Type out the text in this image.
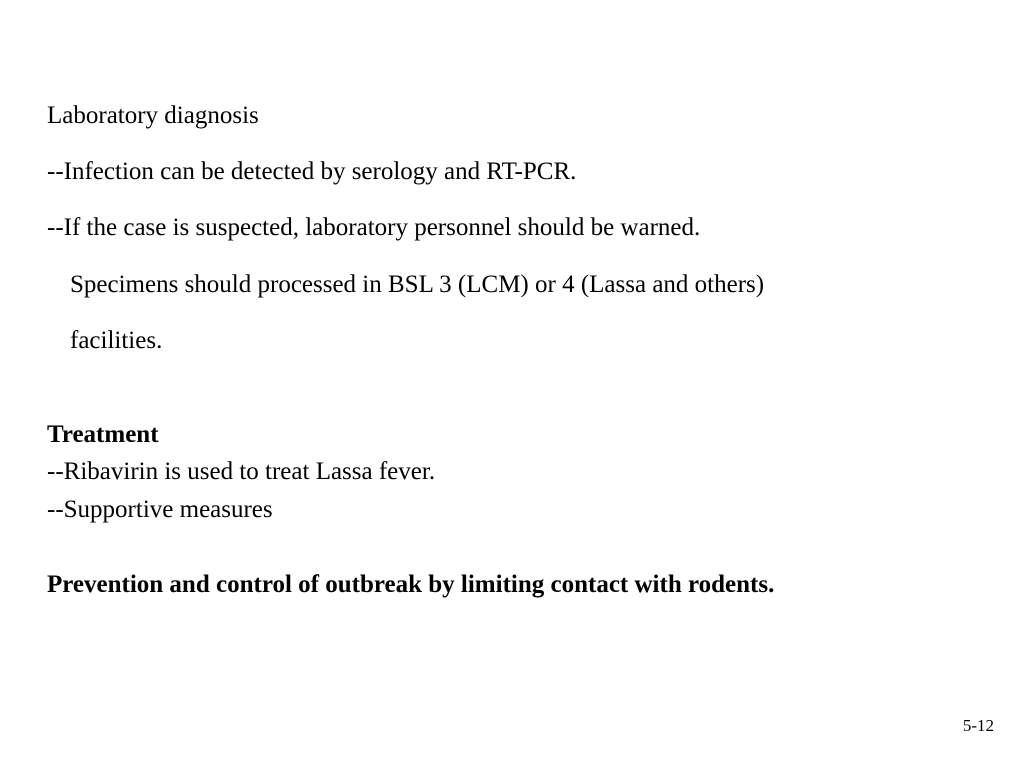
Laboratory diagnosis
--Infection can be detected by serology and RT-PCR.
--If the case is suspected, laboratory personnel should be warned.
Specimens should processed in BSL 3 (LCM) or 4 (Lassa and others)
facilities.
Treatment
--Ribavirin is used to treat Lassa fever.
--Supportive measures
Prevention and control of outbreak by limiting contact with rodents.
5-12
